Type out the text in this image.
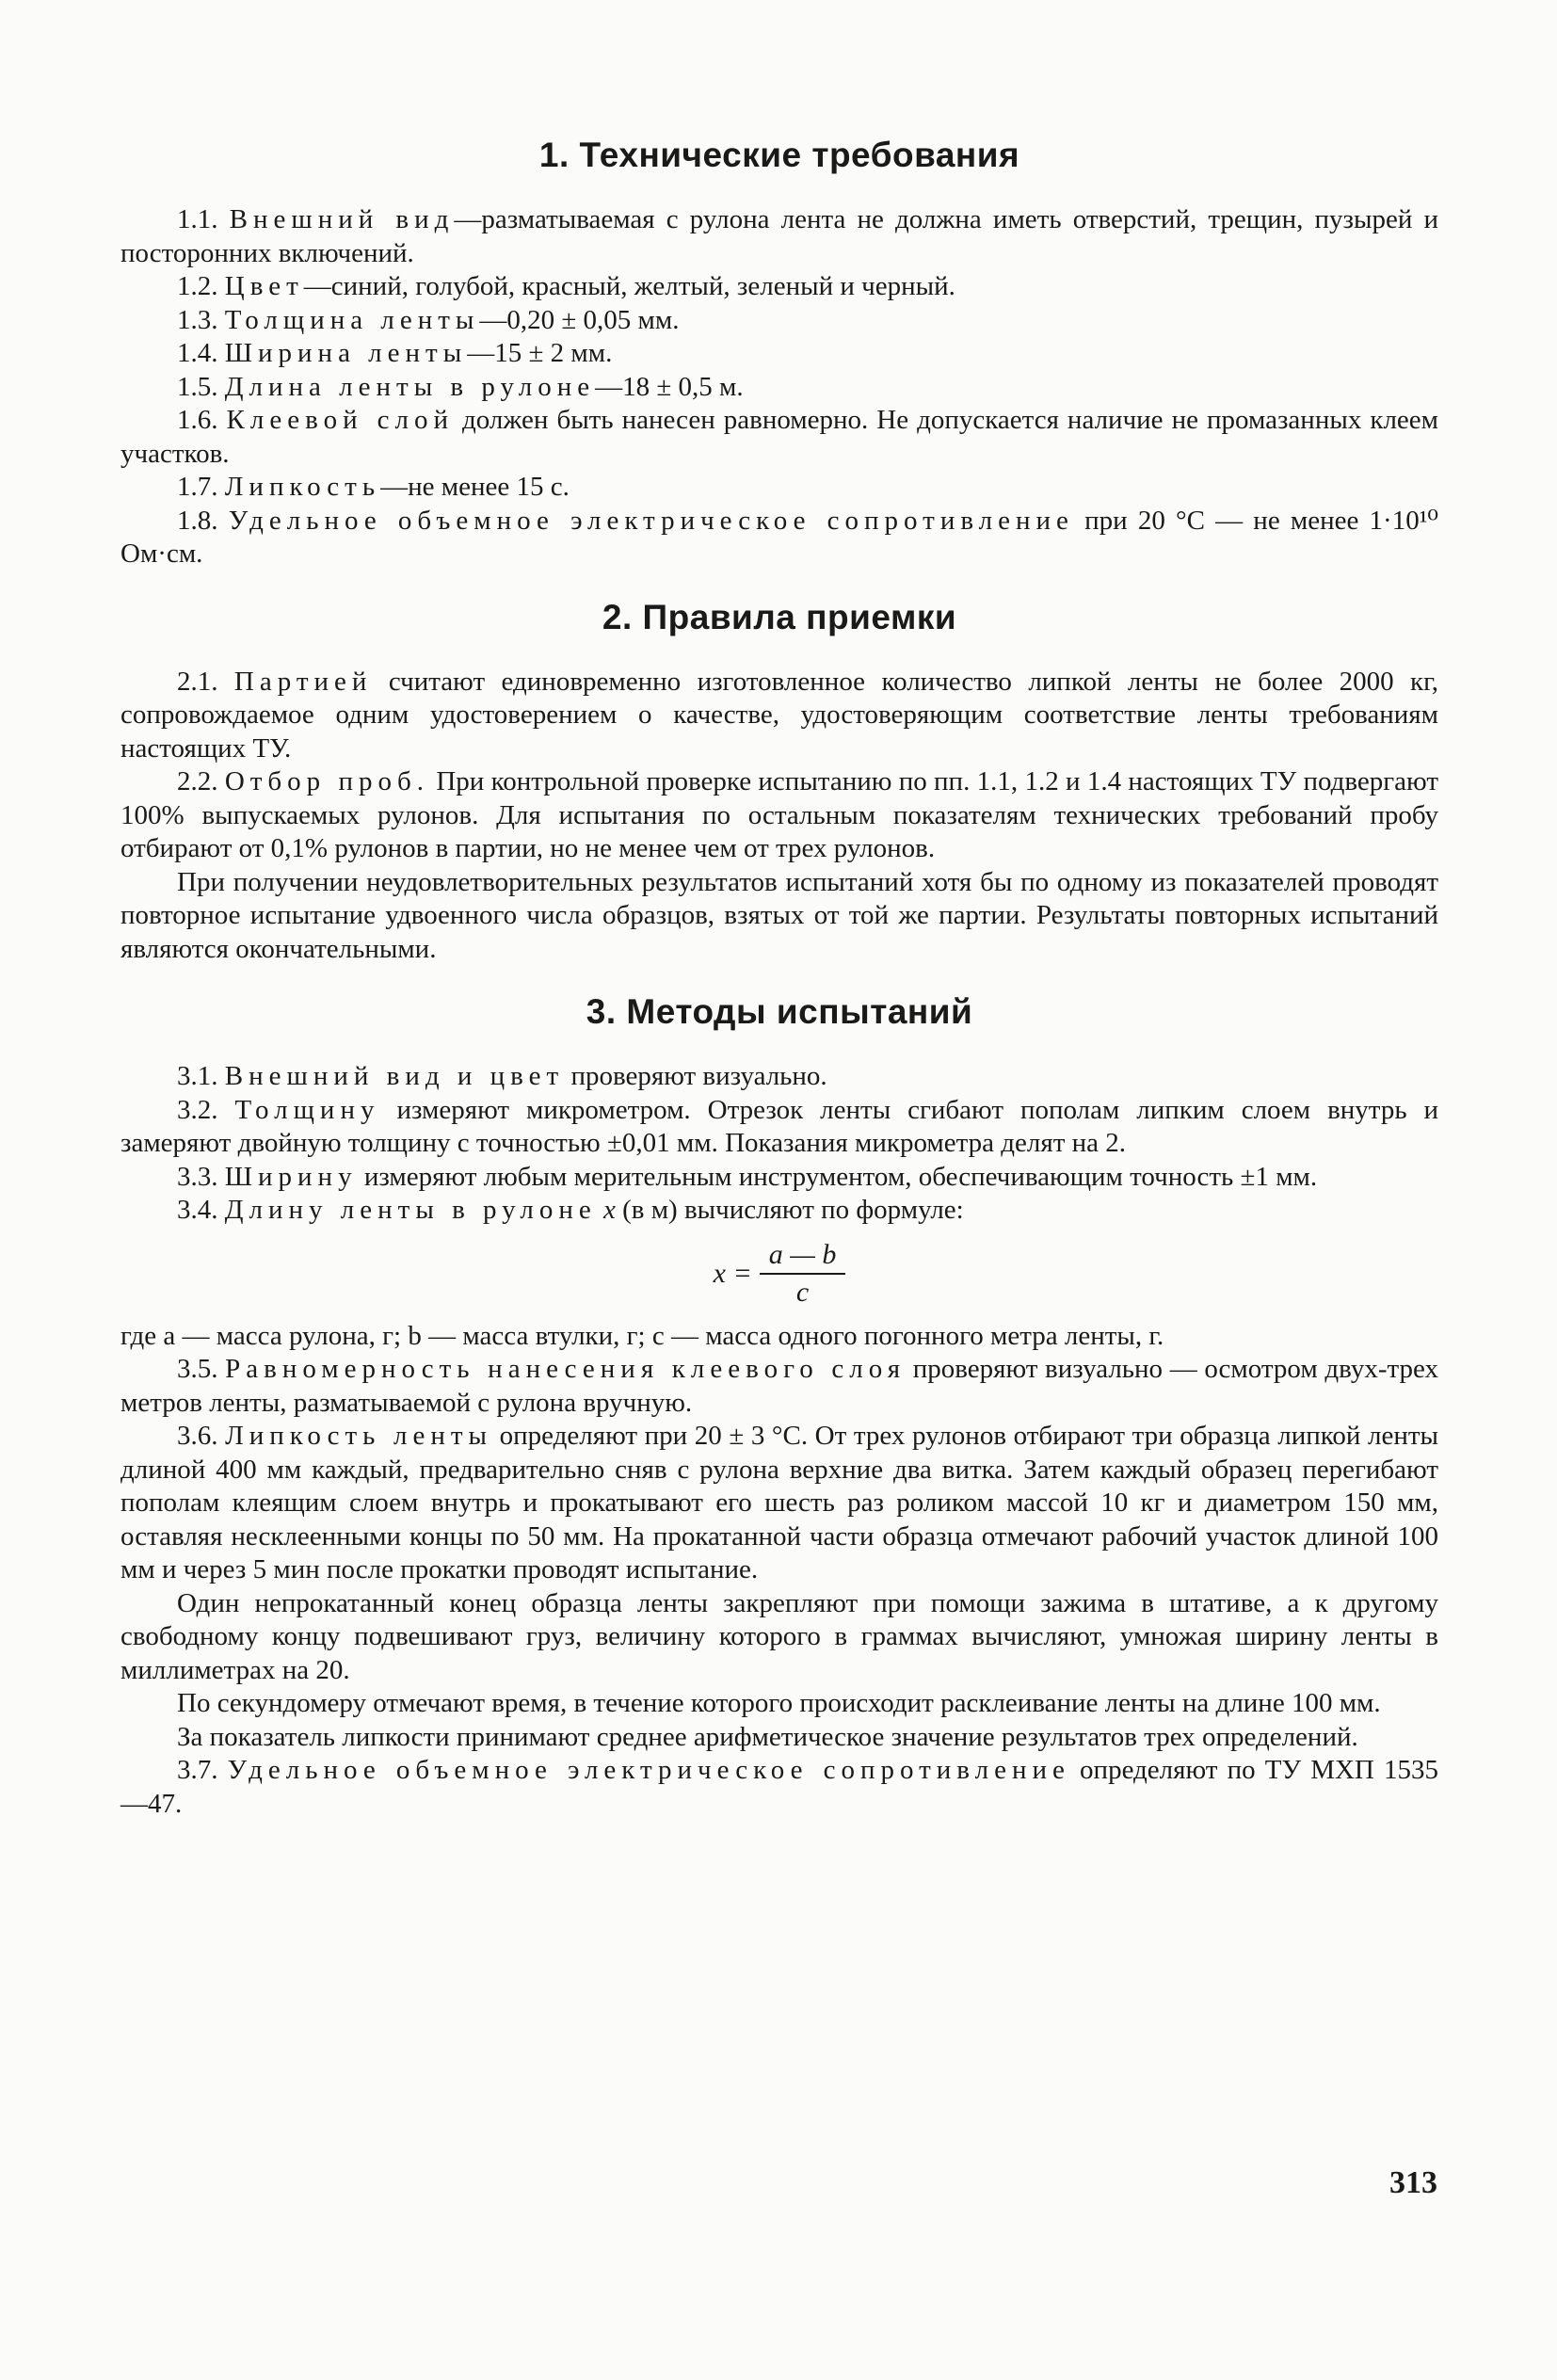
1. Технические требования

1.1. Внешний вид—разматываемая с рулона лента не должна иметь отверстий, трещин, пузырей и посторонних включений.

1.2. Цвет—синий, голубой, красный, желтый, зеленый и черный.

1.3. Толщина ленты—0,20 ± 0,05 мм.

1.4. Ширина ленты—15 ± 2 мм.

1.5. Длина ленты в рулоне—18 ± 0,5 м.

1.6. Клеевой слой должен быть нанесен равномерно. Не допускается наличие не промазанных клеем участков.

1.7. Липкость—не менее 15 с.

1.8. Удельное объемное электрическое сопротивление при 20 °С — не менее 1·10¹⁰ Ом·см.

2. Правила приемки

2.1. Партией считают единовременно изготовленное количество липкой ленты не более 2000 кг, сопровождаемое одним удостоверением о качестве, удостоверяющим соответствие ленты требованиям настоящих ТУ.

2.2. Отбор проб. При контрольной проверке испытанию по пп. 1.1, 1.2 и 1.4 настоящих ТУ подвергают 100% выпускаемых рулонов. Для испытания по остальным показателям технических требований пробу отбирают от 0,1% рулонов в партии, но не менее чем от трех рулонов.

При получении неудовлетворительных результатов испытаний хотя бы по одному из показателей проводят повторное испытание удвоенного числа образцов, взятых от той же партии. Результаты повторных испытаний являются окончательными.

3. Методы испытаний

3.1. Внешний вид и цвет проверяют визуально.

3.2. Толщину измеряют микрометром. Отрезок ленты сгибают пополам липким слоем внутрь и замеряют двойную толщину с точностью ±0,01 мм. Показания микрометра делят на 2.

3.3. Ширину измеряют любым мерительным инструментом, обеспечивающим точность ±1 мм.

3.4. Длину ленты в рулоне x (в м) вычисляют по формуле:

$x = \frac{a — b}{c}$

где a — масса рулона, г; b — масса втулки, г; c — масса одного погонного метра ленты, г.

3.5. Равномерность нанесения клеевого слоя проверяют визуально — осмотром двух-трех метров ленты, разматываемой с рулона вручную.

3.6. Липкость ленты определяют при 20 ± 3 °С. От трех рулонов отбирают три образца липкой ленты длиной 400 мм каждый, предварительно сняв с рулона верхние два витка. Затем каждый образец перегибают пополам клеящим слоем внутрь и прокатывают его шесть раз роликом массой 10 кг и диаметром 150 мм, оставляя несклеенными концы по 50 мм. На прокатанной части образца отмечают рабочий участок длиной 100 мм и через 5 мин после прокатки проводят испытание.

Один непрокатанный конец образца ленты закрепляют при помощи зажима в штативе, а к другому свободному концу подвешивают груз, величину которого в граммах вычисляют, умножая ширину ленты в миллиметрах на 20.

По секундомеру отмечают время, в течение которого происходит расклеивание ленты на длине 100 мм.

За показатель липкости принимают среднее арифметическое значение результатов трех определений.

3.7. Удельное объемное электрическое сопротивление определяют по ТУ МХП 1535—47.

313
